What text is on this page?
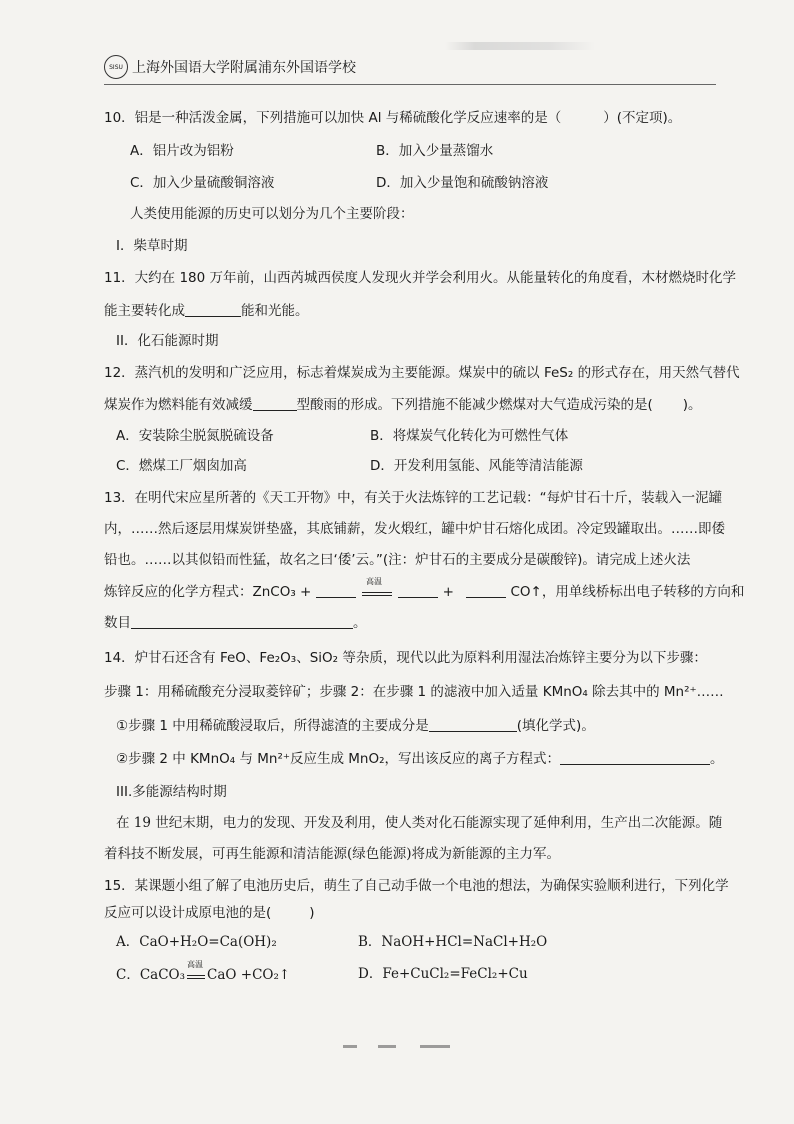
SISU 上海外国语大学附属浦东外国语学校
10．铝是一种活泼金属，下列措施可以加快 Al 与稀硫酸化学反应速率的是（	）(不定项)。
A．铝片改为铝粉	B．加入少量蒸馏水
C．加入少量硫酸铜溶液	D．加入少量饱和硫酸钠溶液
人类使用能源的历史可以划分为几个主要阶段：
I．柴草时期
11．大约在 180 万年前，山西芮城西侯度人发现火并学会利用火。从能量转化的角度看，木材燃烧时化学
能主要转化成	能和光能。
II．化石能源时期
12．蒸汽机的发明和广泛应用，标志着煤炭成为主要能源。煤炭中的硫以 FeS₂ 的形式存在，用天然气替代
煤炭作为燃料能有效减缓	型酸雨的形成。下列措施不能减少燃煤对大气造成污染的是( )。
A．安装除尘脱氮脱硫设备	B．将煤炭气化转化为可燃性气体
C．燃煤工厂烟囱加高	D．开发利用氢能、风能等清洁能源
13．在明代宋应星所著的《天工开物》中，有关于火法炼锌的工艺记载：“每炉甘石十斤，装载入一泥罐
内，……然后逐层用煤炭饼垫盛，其底铺薪，发火煅红，罐中炉甘石熔化成团。冷定毁罐取出。……即倭
铅也。……以其似铅而性猛，故名之曰‘倭’云。”(注：炉甘石的主要成分是碳酸锌)。请完成上述火法
炼锌反应的化学方程式：ZnCO₃ +
高温
+	CO↑，用单线桥标出电子转移的方向和
数目	。
14．炉甘石还含有 FeO、Fe₂O₃、SiO₂ 等杂质，现代以此为原料利用湿法冶炼锌主要分为以下步骤：
步骤 1：用稀硫酸充分浸取菱锌矿；步骤 2：在步骤 1 的滤液中加入适量 KMnO₄ 除去其中的 Mn²⁺……
①步骤 1 中用稀硫酸浸取后，所得滤渣的主要成分是	(填化学式)。
②步骤 2 中 KMnO₄ 与 Mn²⁺反应生成 MnO₂，写出该反应的离子方程式：	。
III.多能源结构时期
在 19 世纪末期，电力的发现、开发及利用，使人类对化石能源实现了延伸利用，生产出二次能源。随
着科技不断发展，可再生能源和清洁能源(绿色能源)将成为新能源的主力军。
15．某课题小组了解了电池历史后，萌生了自己动手做一个电池的想法，为确保实验顺利进行，下列化学
反应可以设计成原电池的是(	)
A．CaO+H₂O=Ca(OH)₂	B．NaOH+HCl=NaCl+H₂O
C．CaCO₃
高温
CaO +CO₂↑	D．Fe+CuCl₂=FeCl₂+Cu
